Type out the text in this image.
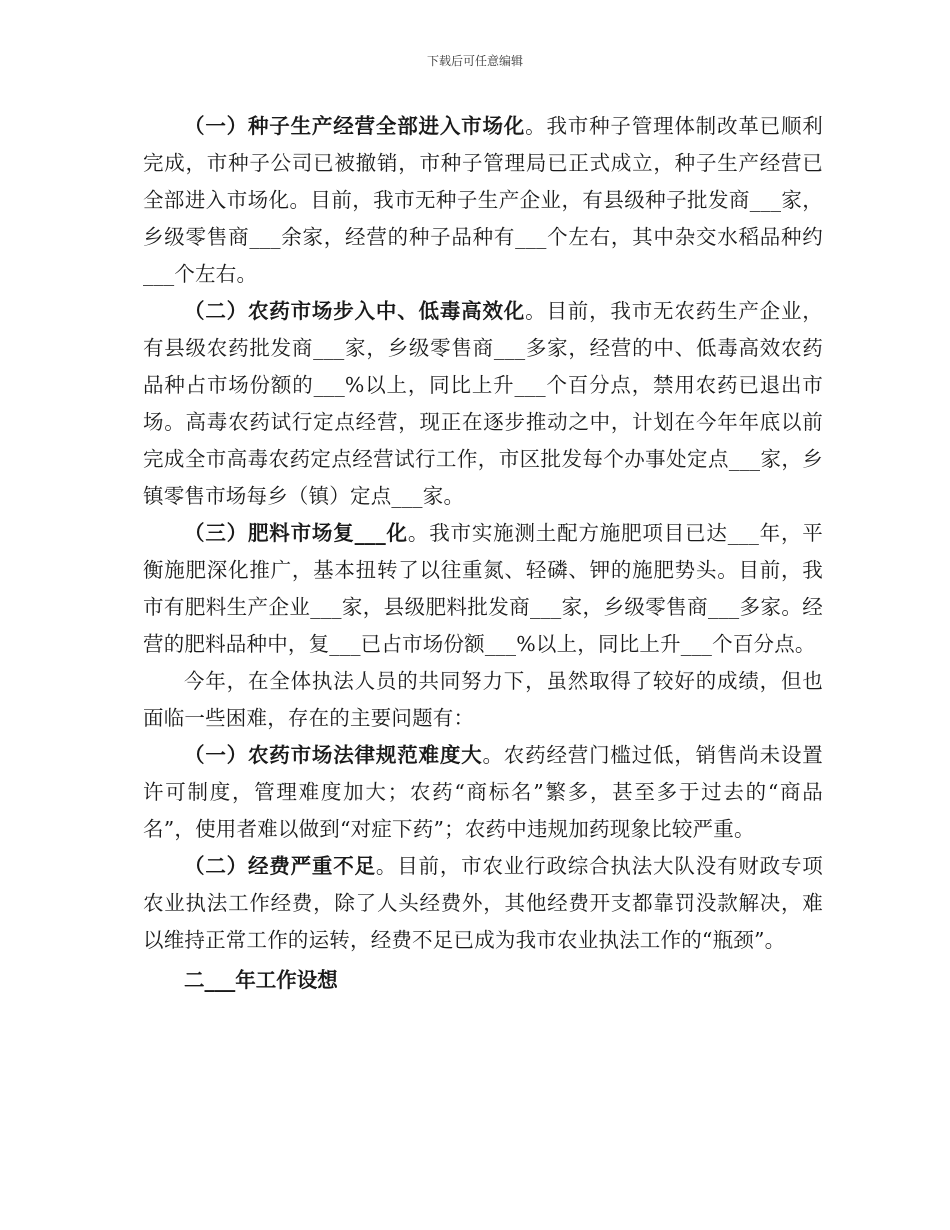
下载后可任意编辑

（一）种子生产经营全部进入市场化。我市种子管理体制改革已顺利完成，市种子公司已被撤销，市种子管理局已正式成立，种子生产经营已全部进入市场化。目前，我市无种子生产企业，有县级种子批发商___家，乡级零售商___余家，经营的种子品种有___个左右，其中杂交水稻品种约___个左右。

（二）农药市场步入中、低毒高效化。目前，我市无农药生产企业，有县级农药批发商___家，乡级零售商___多家，经营的中、低毒高效农药品种占市场份额的___%以上，同比上升___个百分点，禁用农药已退出市场。高毒农药试行定点经营，现正在逐步推动之中，计划在今年年底以前完成全市高毒农药定点经营试行工作，市区批发每个办事处定点___家，乡镇零售市场每乡（镇）定点___家。

（三）肥料市场复___化。我市实施测土配方施肥项目已达___年，平衡施肥深化推广，基本扭转了以往重氮、轻磷、钾的施肥势头。目前，我市有肥料生产企业___家，县级肥料批发商___家，乡级零售商___多家。经营的肥料品种中，复___已占市场份额___%以上，同比上升___个百分点。

今年，在全体执法人员的共同努力下，虽然取得了较好的成绩，但也面临一些困难，存在的主要问题有：

（一）农药市场法律规范难度大。农药经营门槛过低，销售尚未设置许可制度，管理难度加大；农药“商标名”繁多，甚至多于过去的“商品名”，使用者难以做到“对症下药”；农药中违规加药现象比较严重。

（二）经费严重不足。目前，市农业行政综合执法大队没有财政专项农业执法工作经费，除了人头经费外，其他经费开支都靠罚没款解决，难以维持正常工作的运转，经费不足已成为我市农业执法工作的“瓶颈”。

二___年工作设想
